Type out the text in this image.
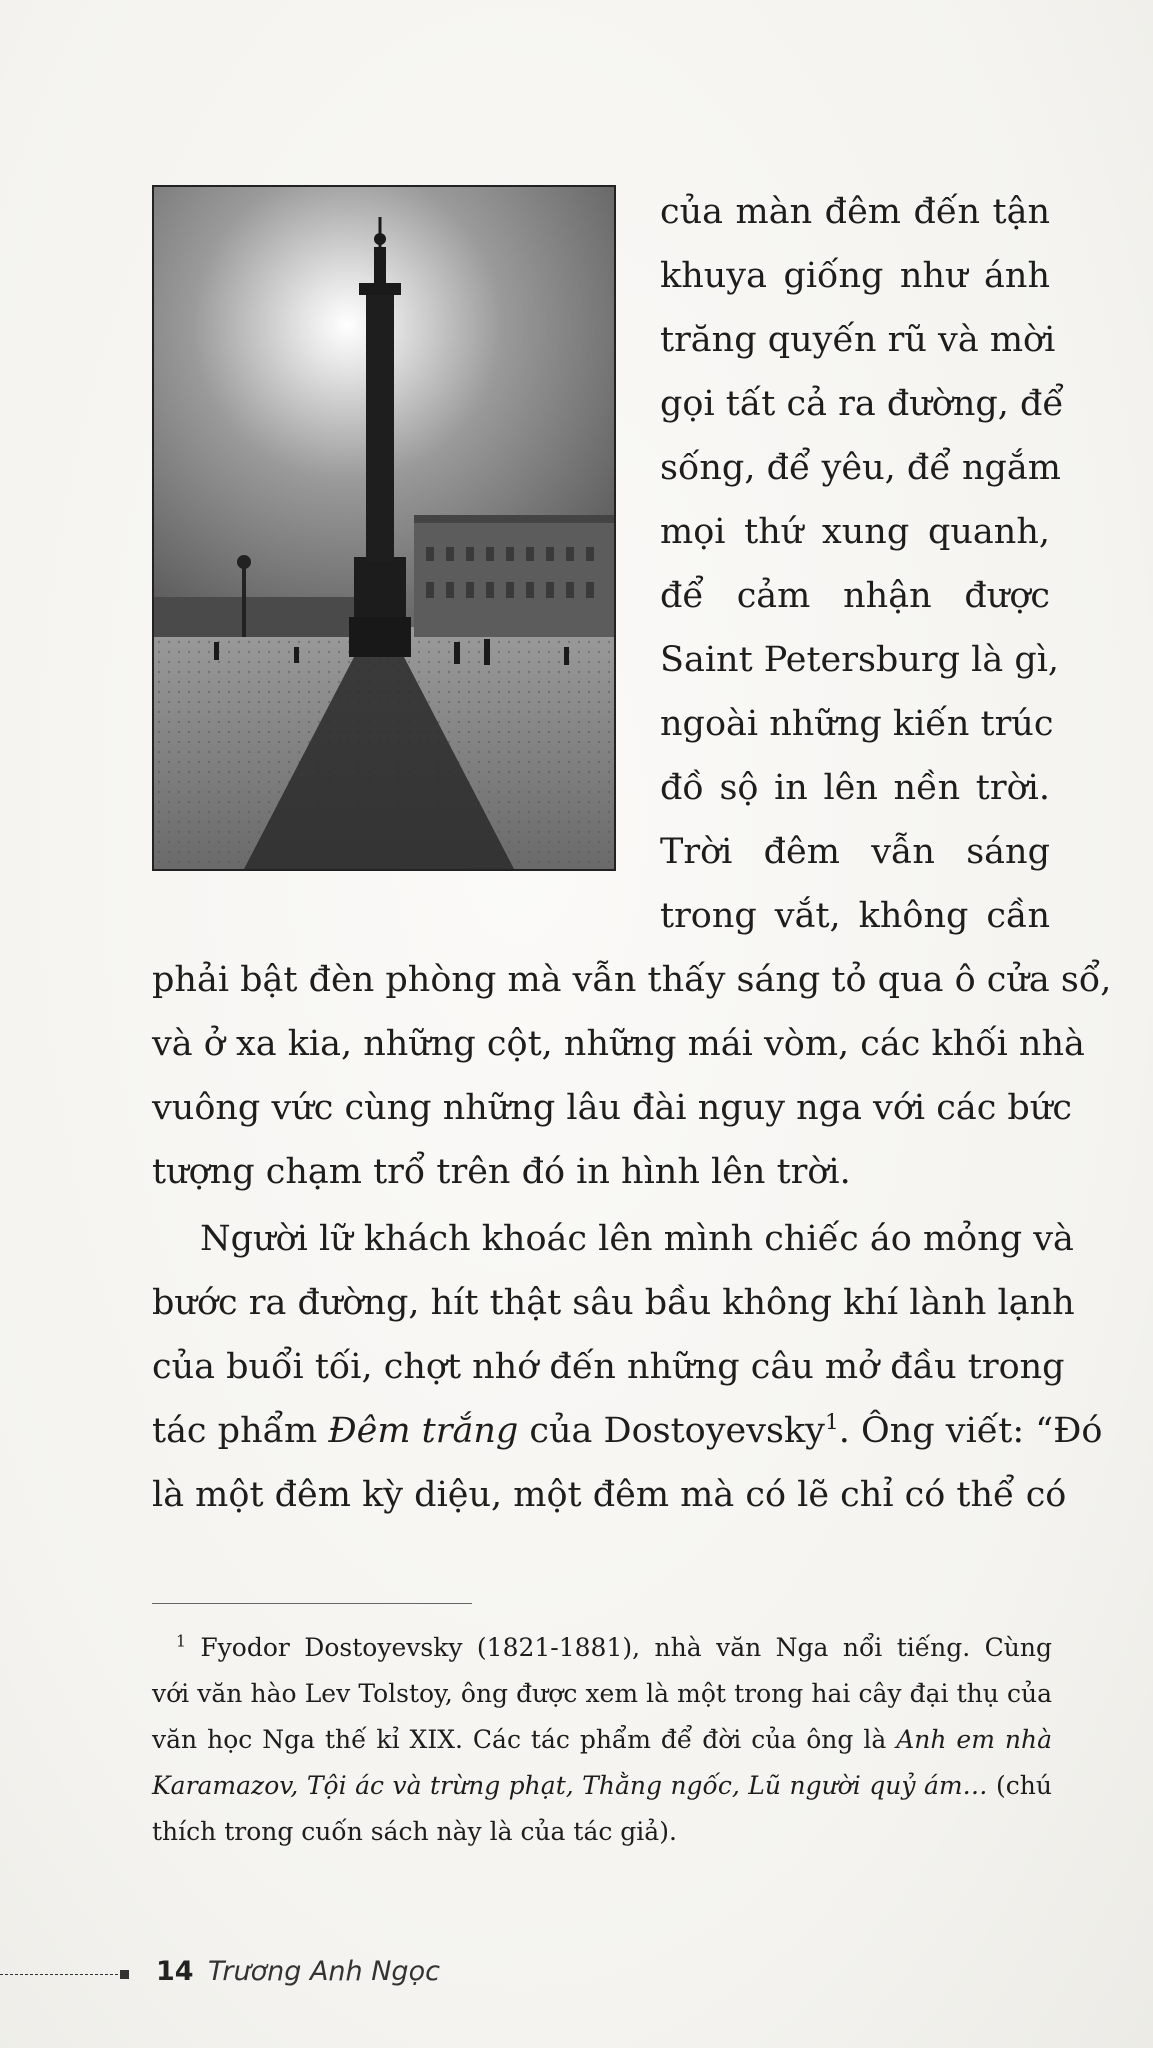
của màn đêm đến tận
khuya giống như ánh
trăng quyến rũ và mời
gọi tất cả ra đường, để
sống, để yêu, để ngắm
mọi thứ xung quanh,
để cảm nhận được
Saint Petersburg là gì,
ngoài những kiến trúc
đồ sộ in lên nền trời.
Trời đêm vẫn sáng
trong vắt, không cần
phải bật đèn phòng mà vẫn thấy sáng tỏ qua ô cửa sổ,
và ở xa kia, những cột, những mái vòm, các khối nhà
vuông vức cùng những lâu đài nguy nga với các bức
tượng chạm trổ trên đó in hình lên trời.
Người lữ khách khoác lên mình chiếc áo mỏng và
bước ra đường, hít thật sâu bầu không khí lành lạnh
của buổi tối, chợt nhớ đến những câu mở đầu trong
tác phẩm Đêm trắng của Dostoyevsky$^1$. Ông viết: “Đó
là một đêm kỳ diệu, một đêm mà có lẽ chỉ có thể có
$^1$ Fyodor Dostoyevsky (1821-1881), nhà văn Nga nổi tiếng. Cùng
với văn hào Lev Tolstoy, ông được xem là một trong hai cây đại thụ của
văn học Nga thế kỉ XIX. Các tác phẩm để đời của ông là Anh em nhà
Karamazov, Tội ác và trừng phạt, Thằng ngốc, Lũ người quỷ ám… (chú
thích trong cuốn sách này là của tác giả).
14 Trương Anh Ngọc
